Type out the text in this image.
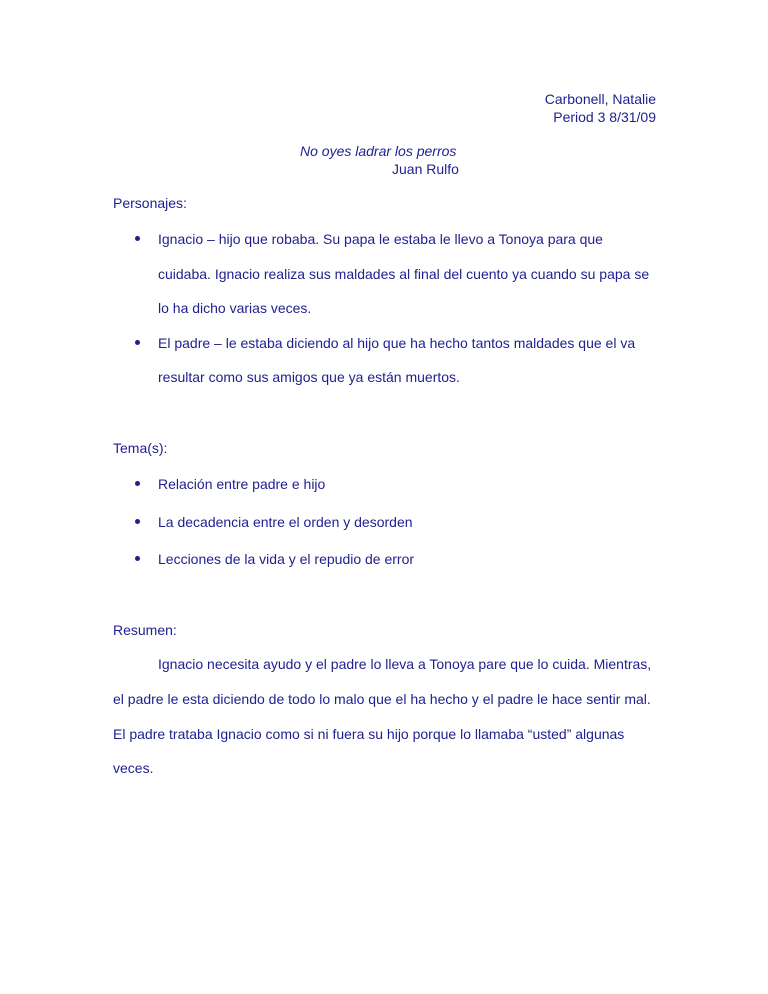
Carbonell, Natalie
Period 3 8/31/09
No oyes ladrar los perros
Juan Rulfo
Personajes:
Ignacio – hijo que robaba. Su papa le estaba le llevo a Tonoya para que cuidaba. Ignacio realiza sus maldades al final del cuento ya cuando su papa se lo ha dicho varias veces.
El padre – le estaba diciendo al hijo que ha hecho tantos maldades que el va resultar como sus amigos que ya están muertos.
Tema(s):
Relación entre padre e hijo
La decadencia entre el orden y desorden
Lecciones de la vida y el repudio de error
Resumen:

Ignacio necesita ayudo y el padre lo lleva a Tonoya pare que lo cuida. Mientras, el padre le esta diciendo de todo lo malo que el ha hecho y el padre le hace sentir mal. El padre trataba Ignacio como si ni fuera su hijo porque lo llamaba “usted” algunas veces.
